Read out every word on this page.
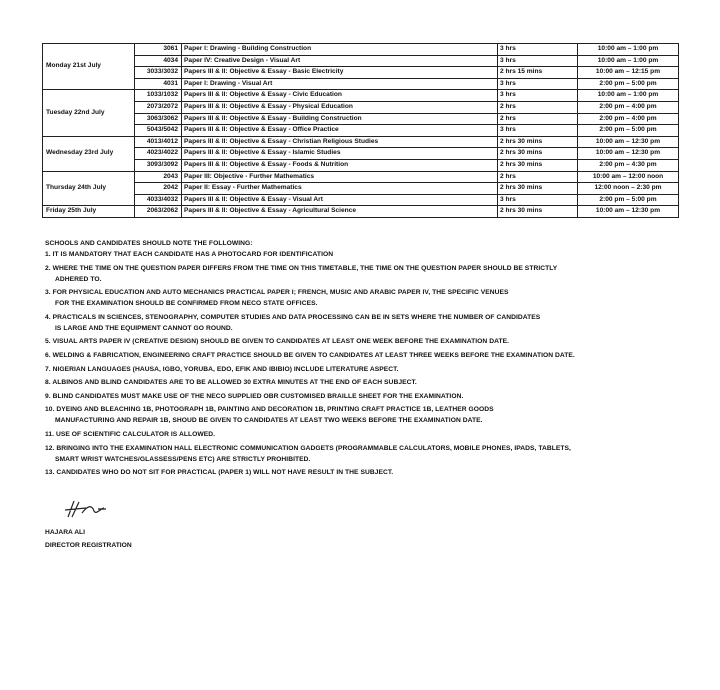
Monday 21st July	3061	Paper I: Drawing - Building Construction	3 hrs	10:00 am – 1:00 pm
	4034	Paper IV: Creative Design - Visual Art	3 hrs	10:00 am – 1:00 pm
	3033/3032	Papers III & II: Objective & Essay - Basic Electricity	2 hrs 15 mins	10:00 am – 12:15 pm
	4031	Paper I: Drawing - Visual Art	3 hrs	2:00 pm – 5:00 pm
Tuesday 22nd July	1033/1032	Papers III & II: Objective & Essay - Civic Education	3 hrs	10:00 am – 1:00 pm
	2073/2072	Papers III & II: Objective & Essay - Physical Education	2 hrs	2:00 pm – 4:00 pm
	3063/3062	Papers III & II: Objective & Essay - Building Construction	2 hrs	2:00 pm – 4:00 pm
	5043/5042	Papers III & II: Objective & Essay - Office Practice	3 hrs	2:00 pm – 5:00 pm
Wednesday 23rd July	4013/4012	Papers III & II: Objective & Essay - Christian Religious Studies	2 hrs 30 mins	10:00 am – 12:30 pm
	4023/4022	Papers III & II: Objective & Essay - Islamic Studies	2 hrs 30 mins	10:00 am – 12:30 pm
	3093/3092	Papers III & II: Objective & Essay - Foods & Nutrition	2 hrs 30 mins	2:00 pm – 4:30 pm
Thursday 24th July	2043	Paper III: Objective - Further Mathematics	2 hrs	10:00 am – 12:00 noon
	2042	Paper II: Essay - Further Mathematics	2 hrs 30 mins	12:00 noon – 2:30 pm
	4033/4032	Papers III & II: Objective & Essay - Visual Art	3 hrs	2:00 pm – 5:00 pm
Friday 25th July	2063/2062	Papers III & II: Objective & Essay - Agricultural Science	2 hrs 30 mins	10:00 am – 12:30 pm
SCHOOLS AND CANDIDATES SHOULD NOTE THE FOLLOWING:
1. IT IS MANDATORY THAT EACH CANDIDATE HAS A PHOTOCARD FOR IDENTIFICATION
2. WHERE THE TIME ON THE QUESTION PAPER DIFFERS FROM THE TIME ON THIS TIMETABLE, THE TIME ON THE QUESTION PAPER SHOULD BE STRICTLY
ADHERED TO.
3. FOR PHYSICAL EDUCATION AND AUTO MECHANICS PRACTICAL PAPER I; FRENCH, MUSIC AND ARABIC PAPER IV, THE SPECIFIC VENUES
FOR THE EXAMINATION SHOULD BE CONFIRMED FROM NECO STATE OFFICES.
4. PRACTICALS IN SCIENCES, STENOGRAPHY, COMPUTER STUDIES AND DATA PROCESSING CAN BE IN SETS WHERE THE NUMBER OF CANDIDATES
IS LARGE AND THE EQUIPMENT CANNOT GO ROUND.
5. VISUAL ARTS PAPER IV (CREATIVE DESIGN) SHOULD BE GIVEN TO CANDIDATES AT LEAST ONE WEEK BEFORE THE EXAMINATION DATE.
6. WELDING & FABRICATION, ENGINEERING CRAFT PRACTICE SHOULD BE GIVEN TO CANDIDATES AT LEAST THREE WEEKS BEFORE THE EXAMINATION DATE.
7. NIGERIAN LANGUAGES (HAUSA, IGBO, YORUBA, EDO, EFIK AND IBIBIO) INCLUDE LITERATURE ASPECT.
8. ALBINOS AND BLIND CANDIDATES ARE TO BE ALLOWED 30 EXTRA MINUTES AT THE END OF EACH SUBJECT.
9. BLIND CANDIDATES MUST MAKE USE OF THE NECO SUPPLIED OBR CUSTOMISED BRAILLE SHEET FOR THE EXAMINATION.
10. DYEING AND BLEACHING 1B, PHOTOGRAPH 1B, PAINTING AND DECORATION 1B, PRINTING CRAFT PRACTICE 1B, LEATHER GOODS
MANUFACTURING AND REPAIR 1B, SHOUD BE GIVEN TO CANDIDATES AT LEAST TWO WEEKS BEFORE THE EXAMINATION DATE.
11. USE OF SCIENTIFIC CALCULATOR IS ALLOWED.
12. BRINGING INTO THE EXAMINATION HALL ELECTRONIC COMMUNICATION GADGETS (PROGRAMMABLE CALCULATORS, MOBILE PHONES, IPADS, TABLETS,
SMART WRIST WATCHES/GLASSESS/PENS ETC) ARE STRICTLY PROHIBITED.
13. CANDIDATES WHO DO NOT SIT FOR PRACTICAL (PAPER 1) WILL NOT HAVE RESULT IN THE SUBJECT.
HAJARA ALI
DIRECTOR REGISTRATION
